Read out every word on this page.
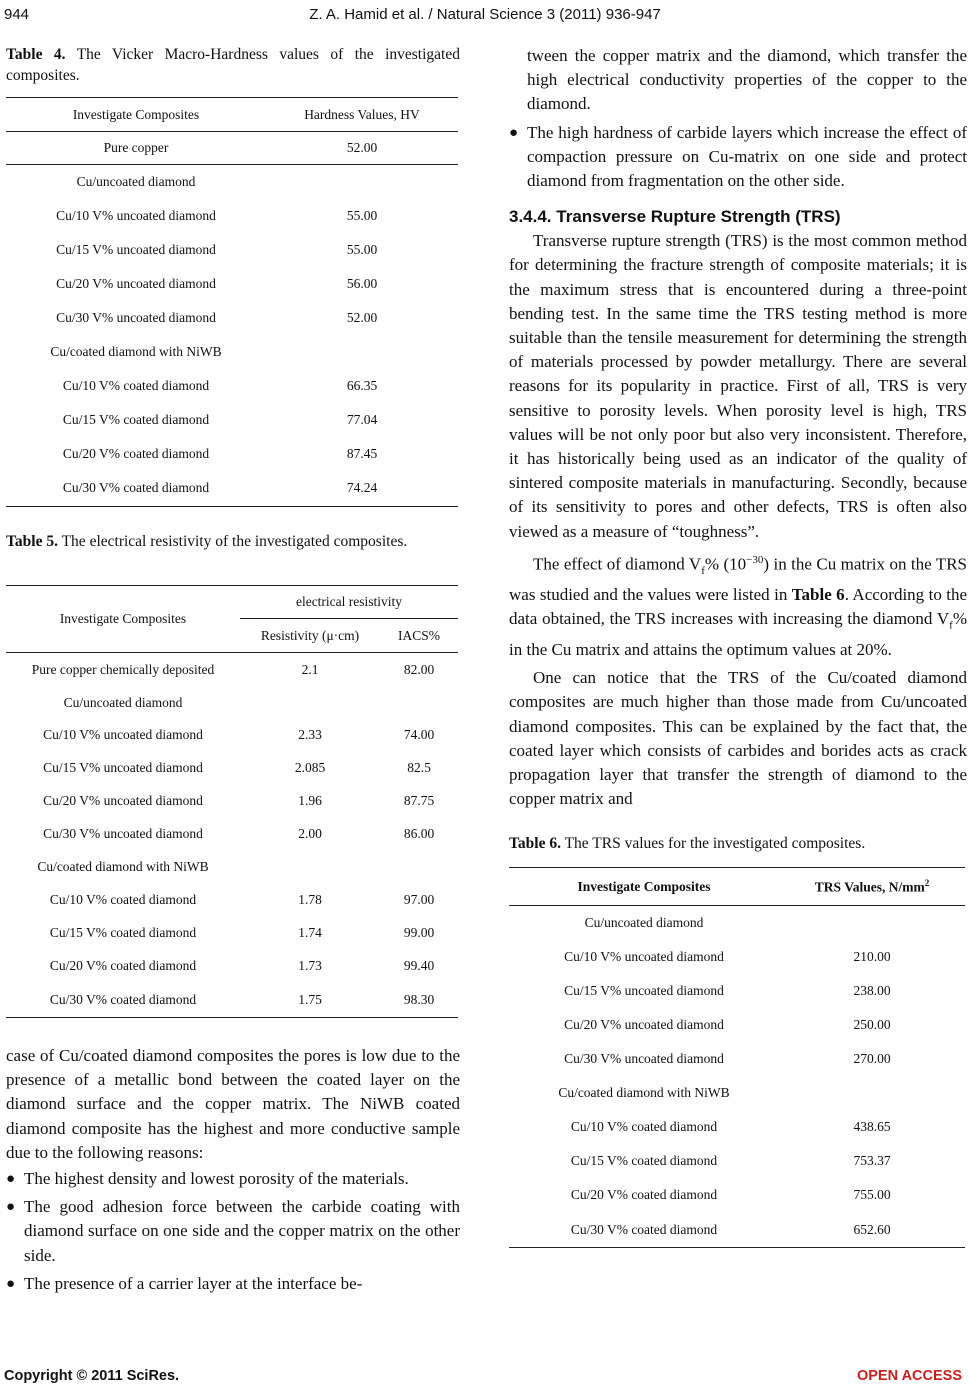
944	Z. A. Hamid et al. / Natural Science 3 (2011) 936-947
Table 4. The Vicker Macro-Hardness values of the investigated composites.
Investigate Composites	Hardness Values, HV
Pure copper	52.00
Cu/uncoated diamond	
Cu/10 V% uncoated diamond	55.00
Cu/15 V% uncoated diamond	55.00
Cu/20 V% uncoated diamond	56.00
Cu/30 V% uncoated diamond	52.00
Cu/coated diamond with NiWB	
Cu/10 V% coated diamond	66.35
Cu/15 V% coated diamond	77.04
Cu/20 V% coated diamond	87.45
Cu/30 V% coated diamond	74.24
Table 5. The electrical resistivity of the investigated composites.
Investigate Composites	electrical resistivity	
	Resistivity (μ·cm)	IACS%
Pure copper chemically deposited	2.1	82.00
Cu/uncoated diamond		
Cu/10 V% uncoated diamond	2.33	74.00
Cu/15 V% uncoated diamond	2.085	82.5
Cu/20 V% uncoated diamond	1.96	87.75
Cu/30 V% uncoated diamond	2.00	86.00
Cu/coated diamond with NiWB		
Cu/10 V% coated diamond	1.78	97.00
Cu/15 V% coated diamond	1.74	99.00
Cu/20 V% coated diamond	1.73	99.40
Cu/30 V% coated diamond	1.75	98.30

case of Cu/coated diamond composites the pores is low due to the presence of a metallic bond between the coated layer on the diamond surface and the copper matrix. The NiWB coated diamond composite has the highest and more conductive sample due to the following reasons:

● The highest density and lowest porosity of the materials.
● The good adhesion force between the carbide coating with diamond surface on one side and the copper matrix on the other side.
● The presence of a carrier layer at the interface be-

tween the copper matrix and the diamond, which transfer the high electrical conductivity properties of the copper to the diamond.

● The high hardness of carbide layers which increase the effect of compaction pressure on Cu-matrix on one side and protect diamond from fragmentation on the other side.
3.4.4. Transverse Rupture Strength (TRS)

Transverse rupture strength (TRS) is the most common method for determining the fracture strength of composite materials; it is the maximum stress that is encountered during a three-point bending test. In the same time the TRS testing method is more suitable than the tensile measurement for determining the strength of materials processed by powder metallurgy. There are several reasons for its popularity in practice. First of all, TRS is very sensitive to porosity levels. When porosity level is high, TRS values will be not only poor but also very inconsistent. Therefore, it has historically being used as an indicator of the quality of sintered composite materials in manufacturing. Secondly, because of its sensitivity to pores and other defects, TRS is often also viewed as a measure of “toughness”.

The effect of diamond $V_f\%$ $(10^{-30})$ in the Cu matrix on the TRS was studied and the values were listed in Table 6. According to the data obtained, the TRS increases with increasing the diamond $V_f\%$ in the Cu matrix and attains the optimum values at 20%.

One can notice that the TRS of the Cu/coated diamond composites are much higher than those made from Cu/uncoated diamond composites. This can be explained by the fact that, the coated layer which consists of carbides and borides acts as crack propagation layer that transfer the strength of diamond to the copper matrix and

Table 6. The TRS values for the investigated composites.
Investigate Composites	TRS Values, $N/mm^2$
Cu/uncoated diamond	
Cu/10 V% uncoated diamond	210.00
Cu/15 V% uncoated diamond	238.00
Cu/20 V% uncoated diamond	250.00
Cu/30 V% uncoated diamond	270.00
Cu/coated diamond with NiWB	
Cu/10 V% coated diamond	438.65
Cu/15 V% coated diamond	753.37
Cu/20 V% coated diamond	755.00
Cu/30 V% coated diamond	652.60
Copyright © 2011 SciRes.	OPEN ACCESS
